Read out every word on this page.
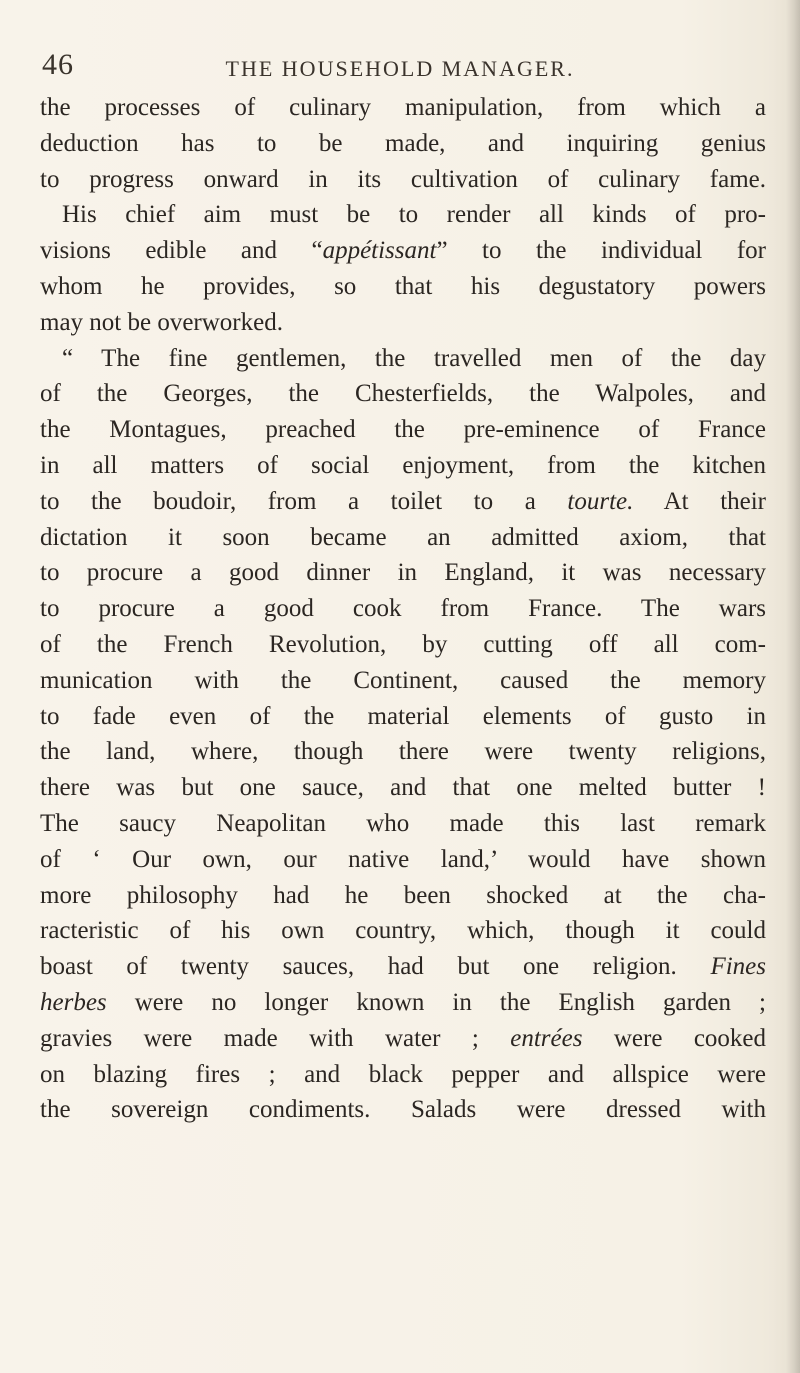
46	THE HOUSEHOLD MANAGER.
the processes of culinary manipulation, from which a
deduction has to be made, and inquiring genius
to progress onward in its cultivation of culinary fame.
His chief aim must be to render all kinds of pro-
visions edible and “appétissant” to the individual for
whom he provides, so that his degustatory powers
may not be overworked.
“ The fine gentlemen, the travelled men of the day
of the Georges, the Chesterfields, the Walpoles, and
the Montagues, preached the pre-eminence of France
in all matters of social enjoyment, from the kitchen
to the boudoir, from a toilet to a tourte. At their
dictation it soon became an admitted axiom, that
to procure a good dinner in England, it was necessary
to procure a good cook from France. The wars
of the French Revolution, by cutting off all com-
munication with the Continent, caused the memory
to fade even of the material elements of gusto in
the land, where, though there were twenty religions,
there was but one sauce, and that one melted butter !
The saucy Neapolitan who made this last remark
of ‘ Our own, our native land,’ would have shown
more philosophy had he been shocked at the cha-
racteristic of his own country, which, though it could
boast of twenty sauces, had but one religion. Fines
herbes were no longer known in the English garden ;
gravies were made with water ; entrées were cooked
on blazing fires ; and black pepper and allspice were
the sovereign condiments. Salads were dressed with
